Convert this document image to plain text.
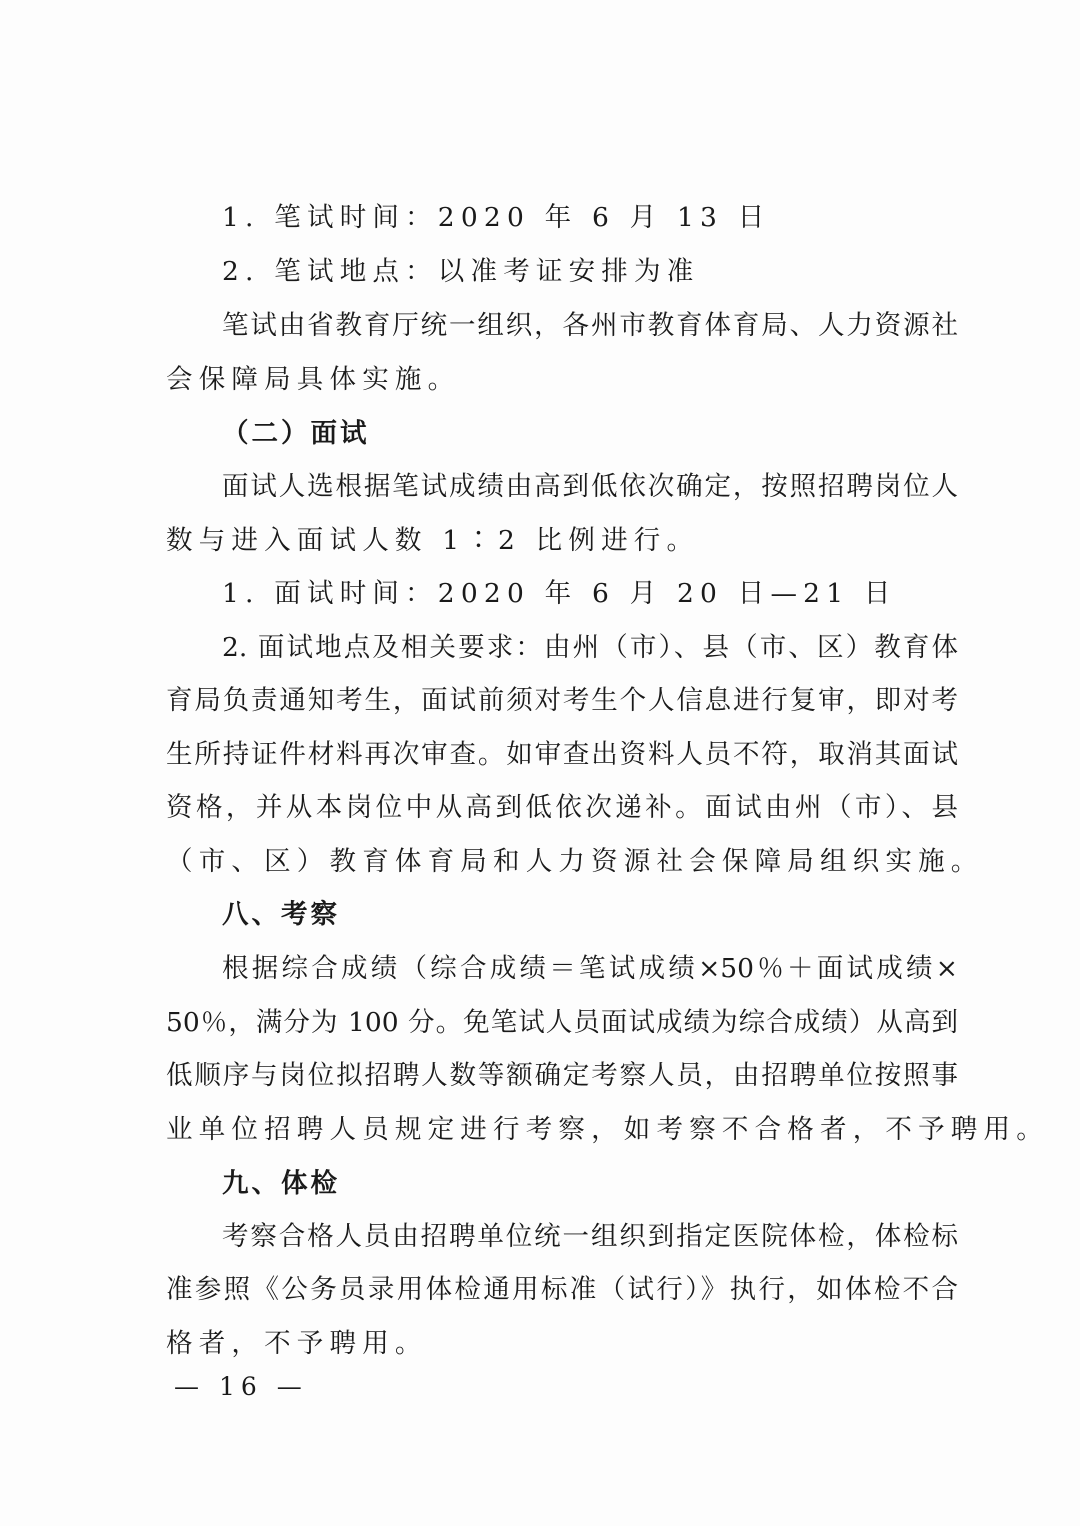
1. 笔试时间：2020 年 6 月 13 日
2. 笔试地点：以准考证安排为准
笔试由省教育厅统一组织，各州市教育体育局、人力资源社
会保障局具体实施。
（二）面试
面试人选根据笔试成绩由高到低依次确定，按照招聘岗位人
数与进入面试人数 1∶2 比例进行。
1. 面试时间：2020 年 6 月 20 日—21 日
2. 面试地点及相关要求：由州（市）、县（市、区）教育体
育局负责通知考生，面试前须对考生个人信息进行复审，即对考
生所持证件材料再次审查。如审查出资料人员不符，取消其面试
资格，并从本岗位中从高到低依次递补。面试由州（市）、县
（市、区）教育体育局和人力资源社会保障局组织实施。
八、考察
根据综合成绩（综合成绩＝笔试成绩×50％＋面试成绩×
50％，满分为 100 分。免笔试人员面试成绩为综合成绩）从高到
低顺序与岗位拟招聘人数等额确定考察人员，由招聘单位按照事
业单位招聘人员规定进行考察，如考察不合格者，不予聘用。
九、体检
考察合格人员由招聘单位统一组织到指定医院体检，体检标
准参照《公务员录用体检通用标准（试行）》执行，如体检不合
格者，不予聘用。
— 16 —
